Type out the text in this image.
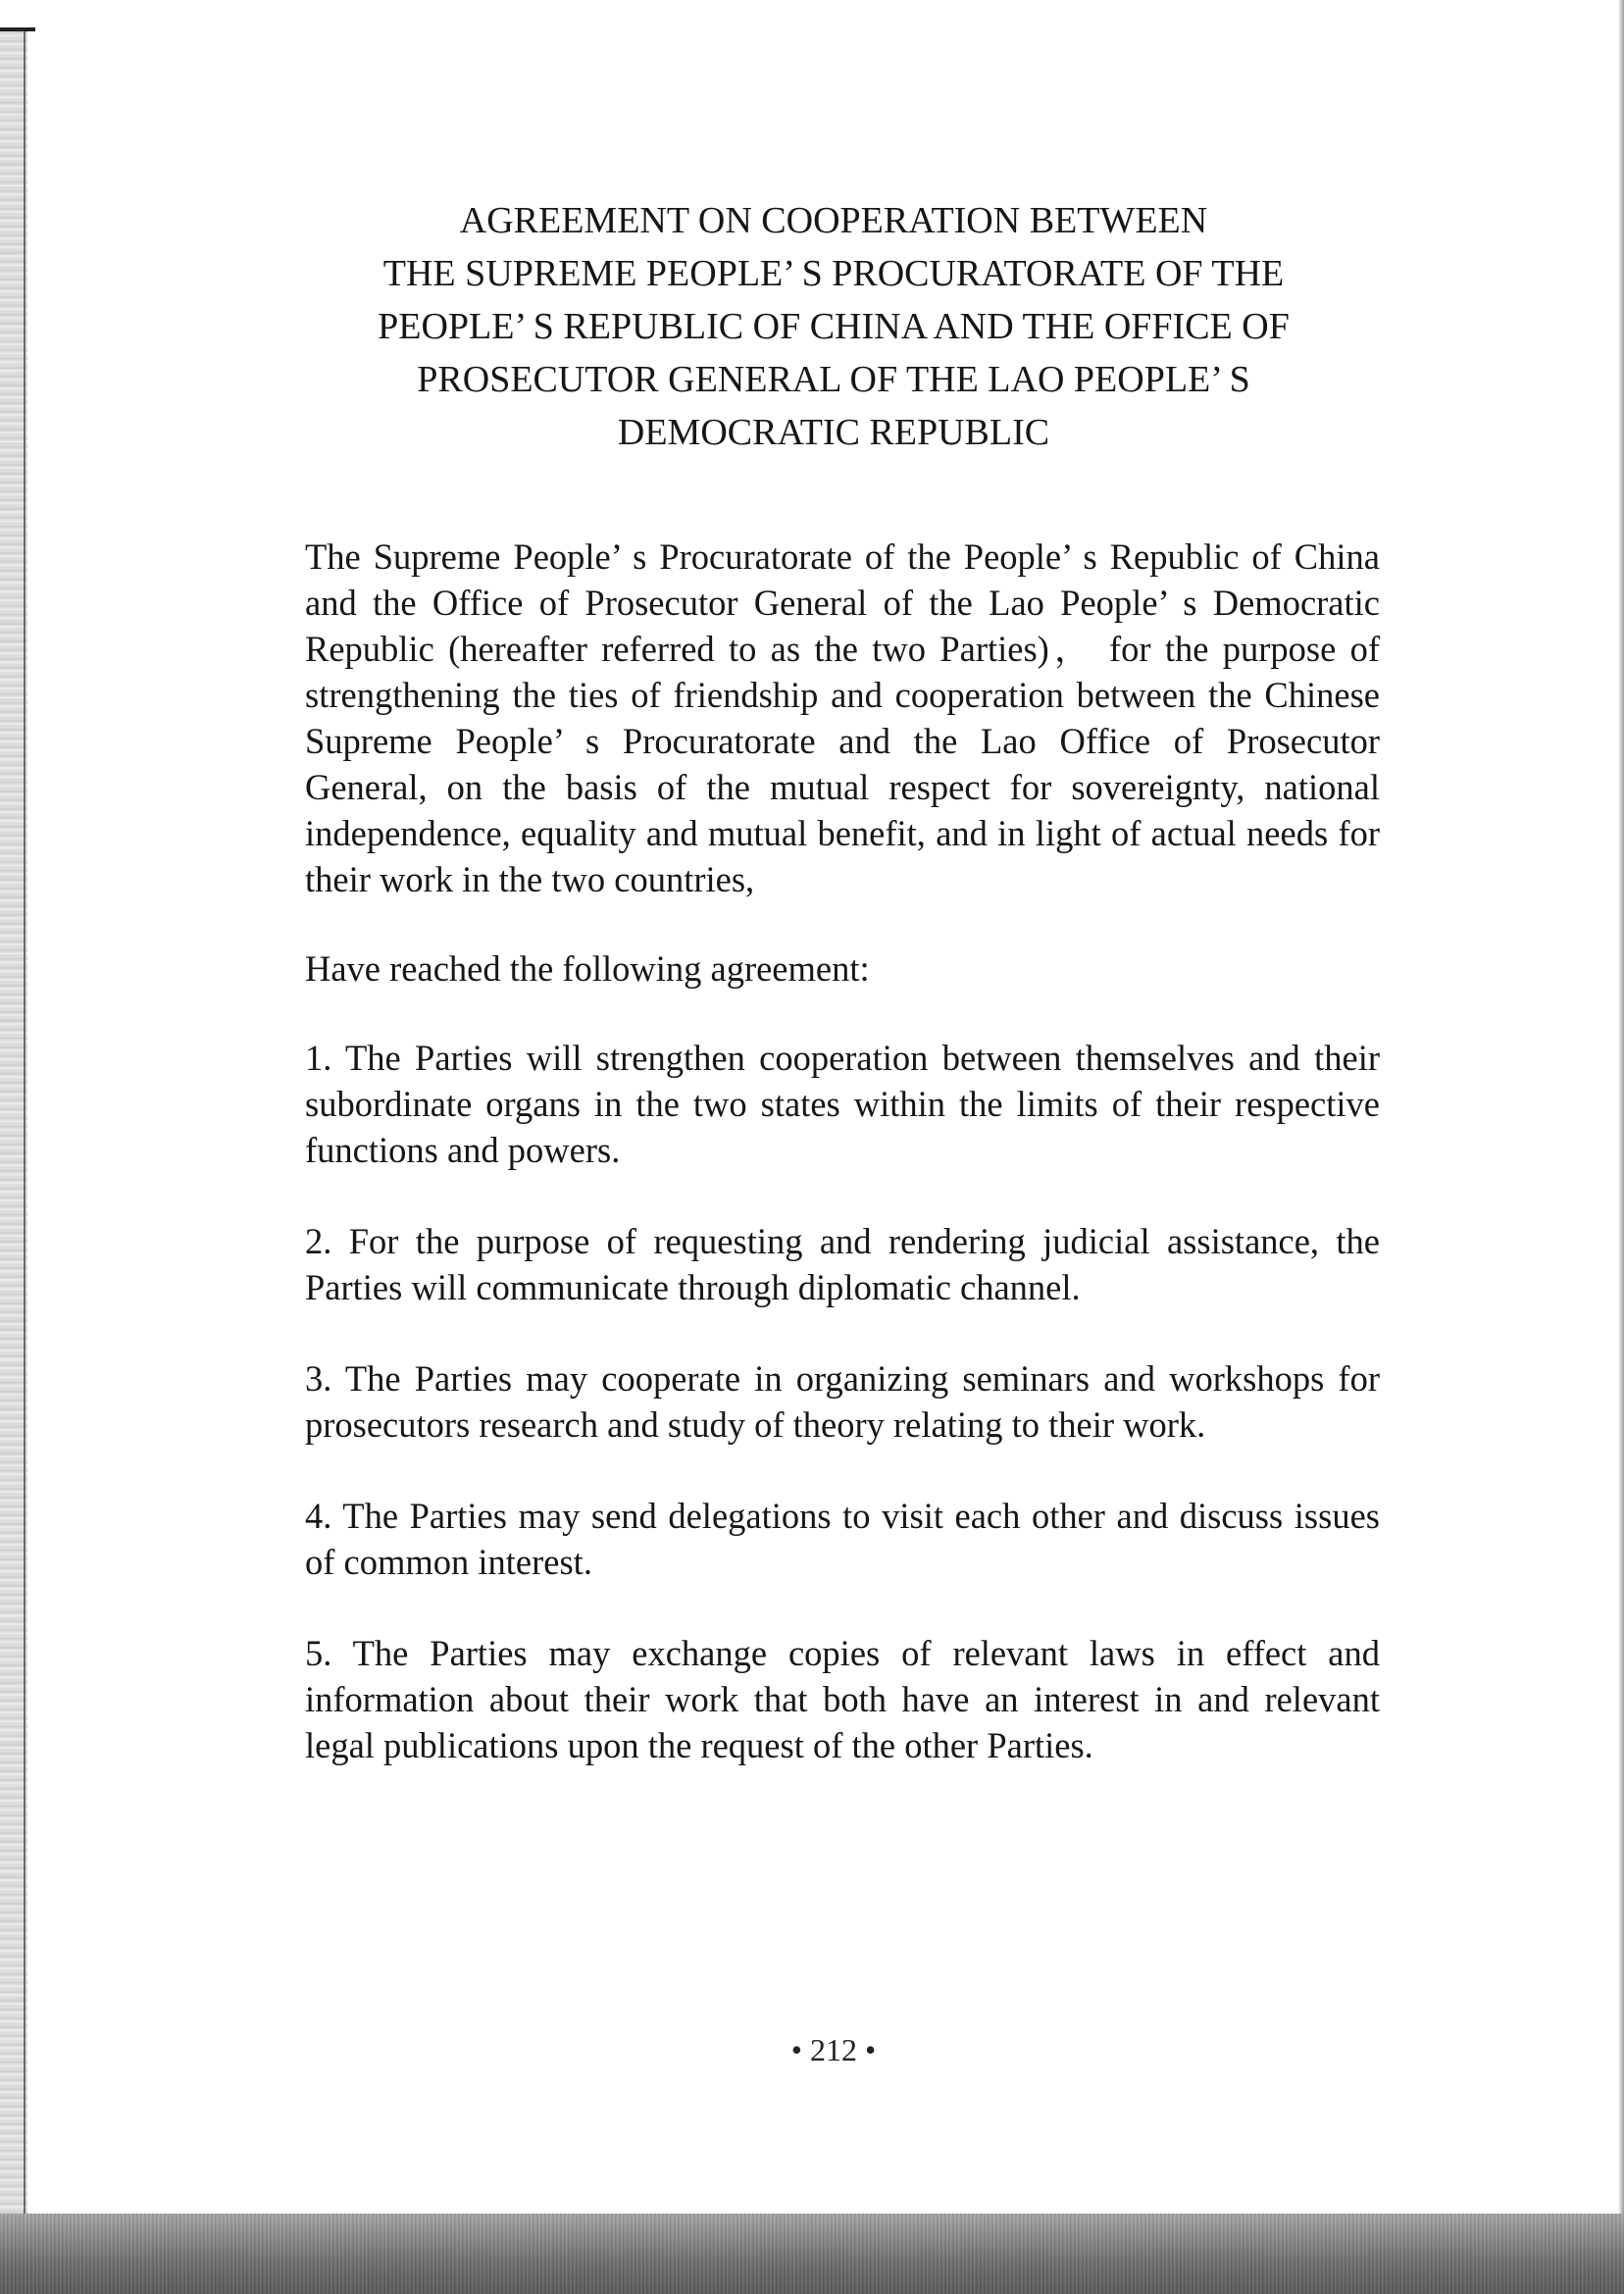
AGREEMENT ON COOPERATION BETWEEN
THE SUPREME PEOPLE’ S PROCURATORATE OF THE
PEOPLE’ S REPUBLIC OF CHINA AND THE OFFICE OF
PROSECUTOR GENERAL OF THE LAO PEOPLE’ S
DEMOCRATIC REPUBLIC

The Supreme People’ s Procuratorate of the People’ s Republic of China and the Office of Prosecutor General of the Lao People’ s Democratic Republic (hereafter referred to as the two Parties)， for the purpose of strengthening the ties of friendship and cooperation between the Chinese Supreme People’ s Procuratorate and the Lao Office of Prosecutor General, on the basis of the mutual respect for sovereignty, national independence, equality and mutual benefit, and in light of actual needs for their work in the two countries,

Have reached the following agreement:

1. The Parties will strengthen cooperation between themselves and their subordinate organs in the two states within the limits of their respective functions and powers.

2. For the purpose of requesting and rendering judicial assistance, the Parties will communicate through diplomatic channel.

3. The Parties may cooperate in organizing seminars and workshops for prosecutors research and study of theory relating to their work.

4. The Parties may send delegations to visit each other and discuss issues of common interest.

5. The Parties may exchange copies of relevant laws in effect and information about their work that both have an interest in and relevant legal publications upon the request of the other Parties.

• 212 •
